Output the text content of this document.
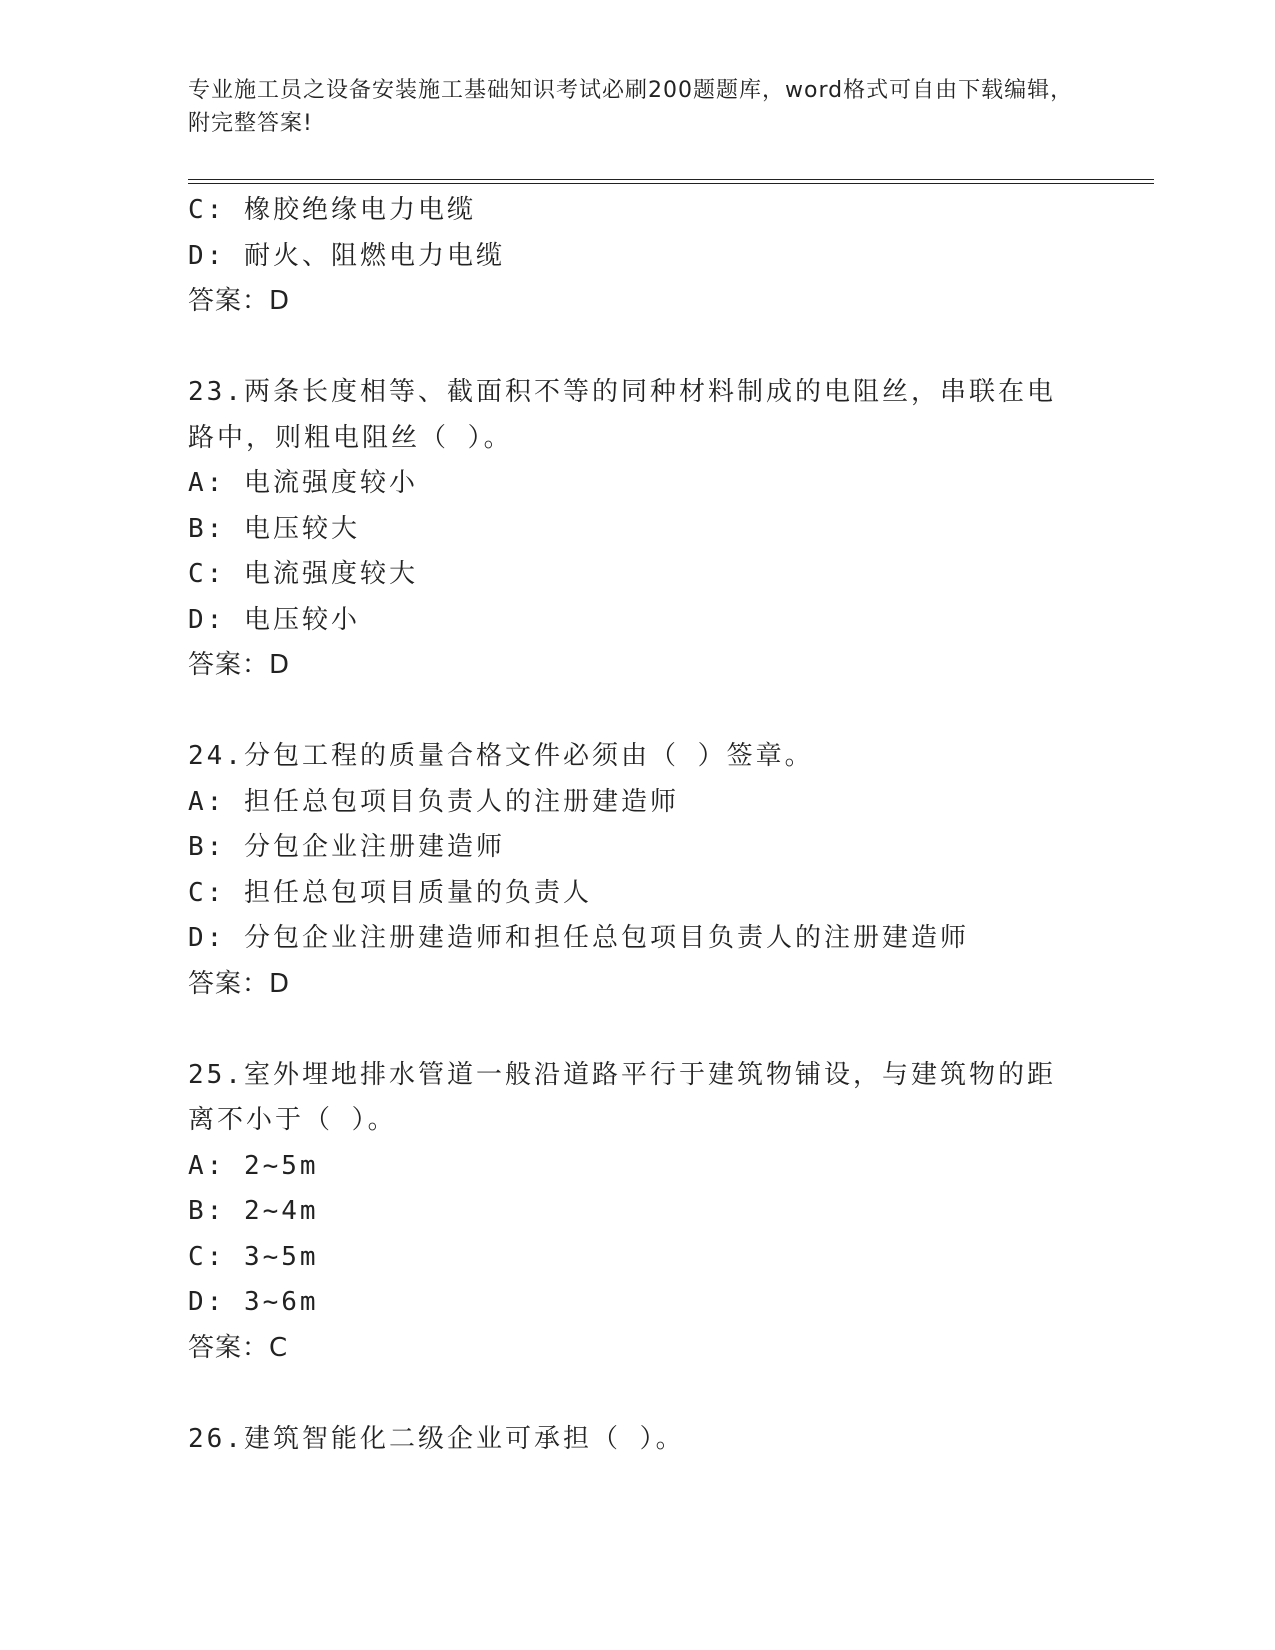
专业施工员之设备安装施工基础知识考试必刷200题题库，word格式可自由下载编辑，附完整答案!
C: 橡胶绝缘电力电缆
D: 耐火、阻燃电力电缆
答案：D
23.两条长度相等、截面积不等的同种材料制成的电阻丝，串联在电路中，则粗电阻丝（ ）。
A: 电流强度较小
B: 电压较大
C: 电流强度较大
D: 电压较小
答案：D
24.分包工程的质量合格文件必须由（ ）签章。
A: 担任总包项目负责人的注册建造师
B: 分包企业注册建造师
C: 担任总包项目质量的负责人
D: 分包企业注册建造师和担任总包项目负责人的注册建造师
答案：D
25.室外埋地排水管道一般沿道路平行于建筑物铺设，与建筑物的距离不小于（ ）。
A: 2~5m
B: 2~4m
C: 3~5m
D: 3~6m
答案：C
26.建筑智能化二级企业可承担（ ）。
